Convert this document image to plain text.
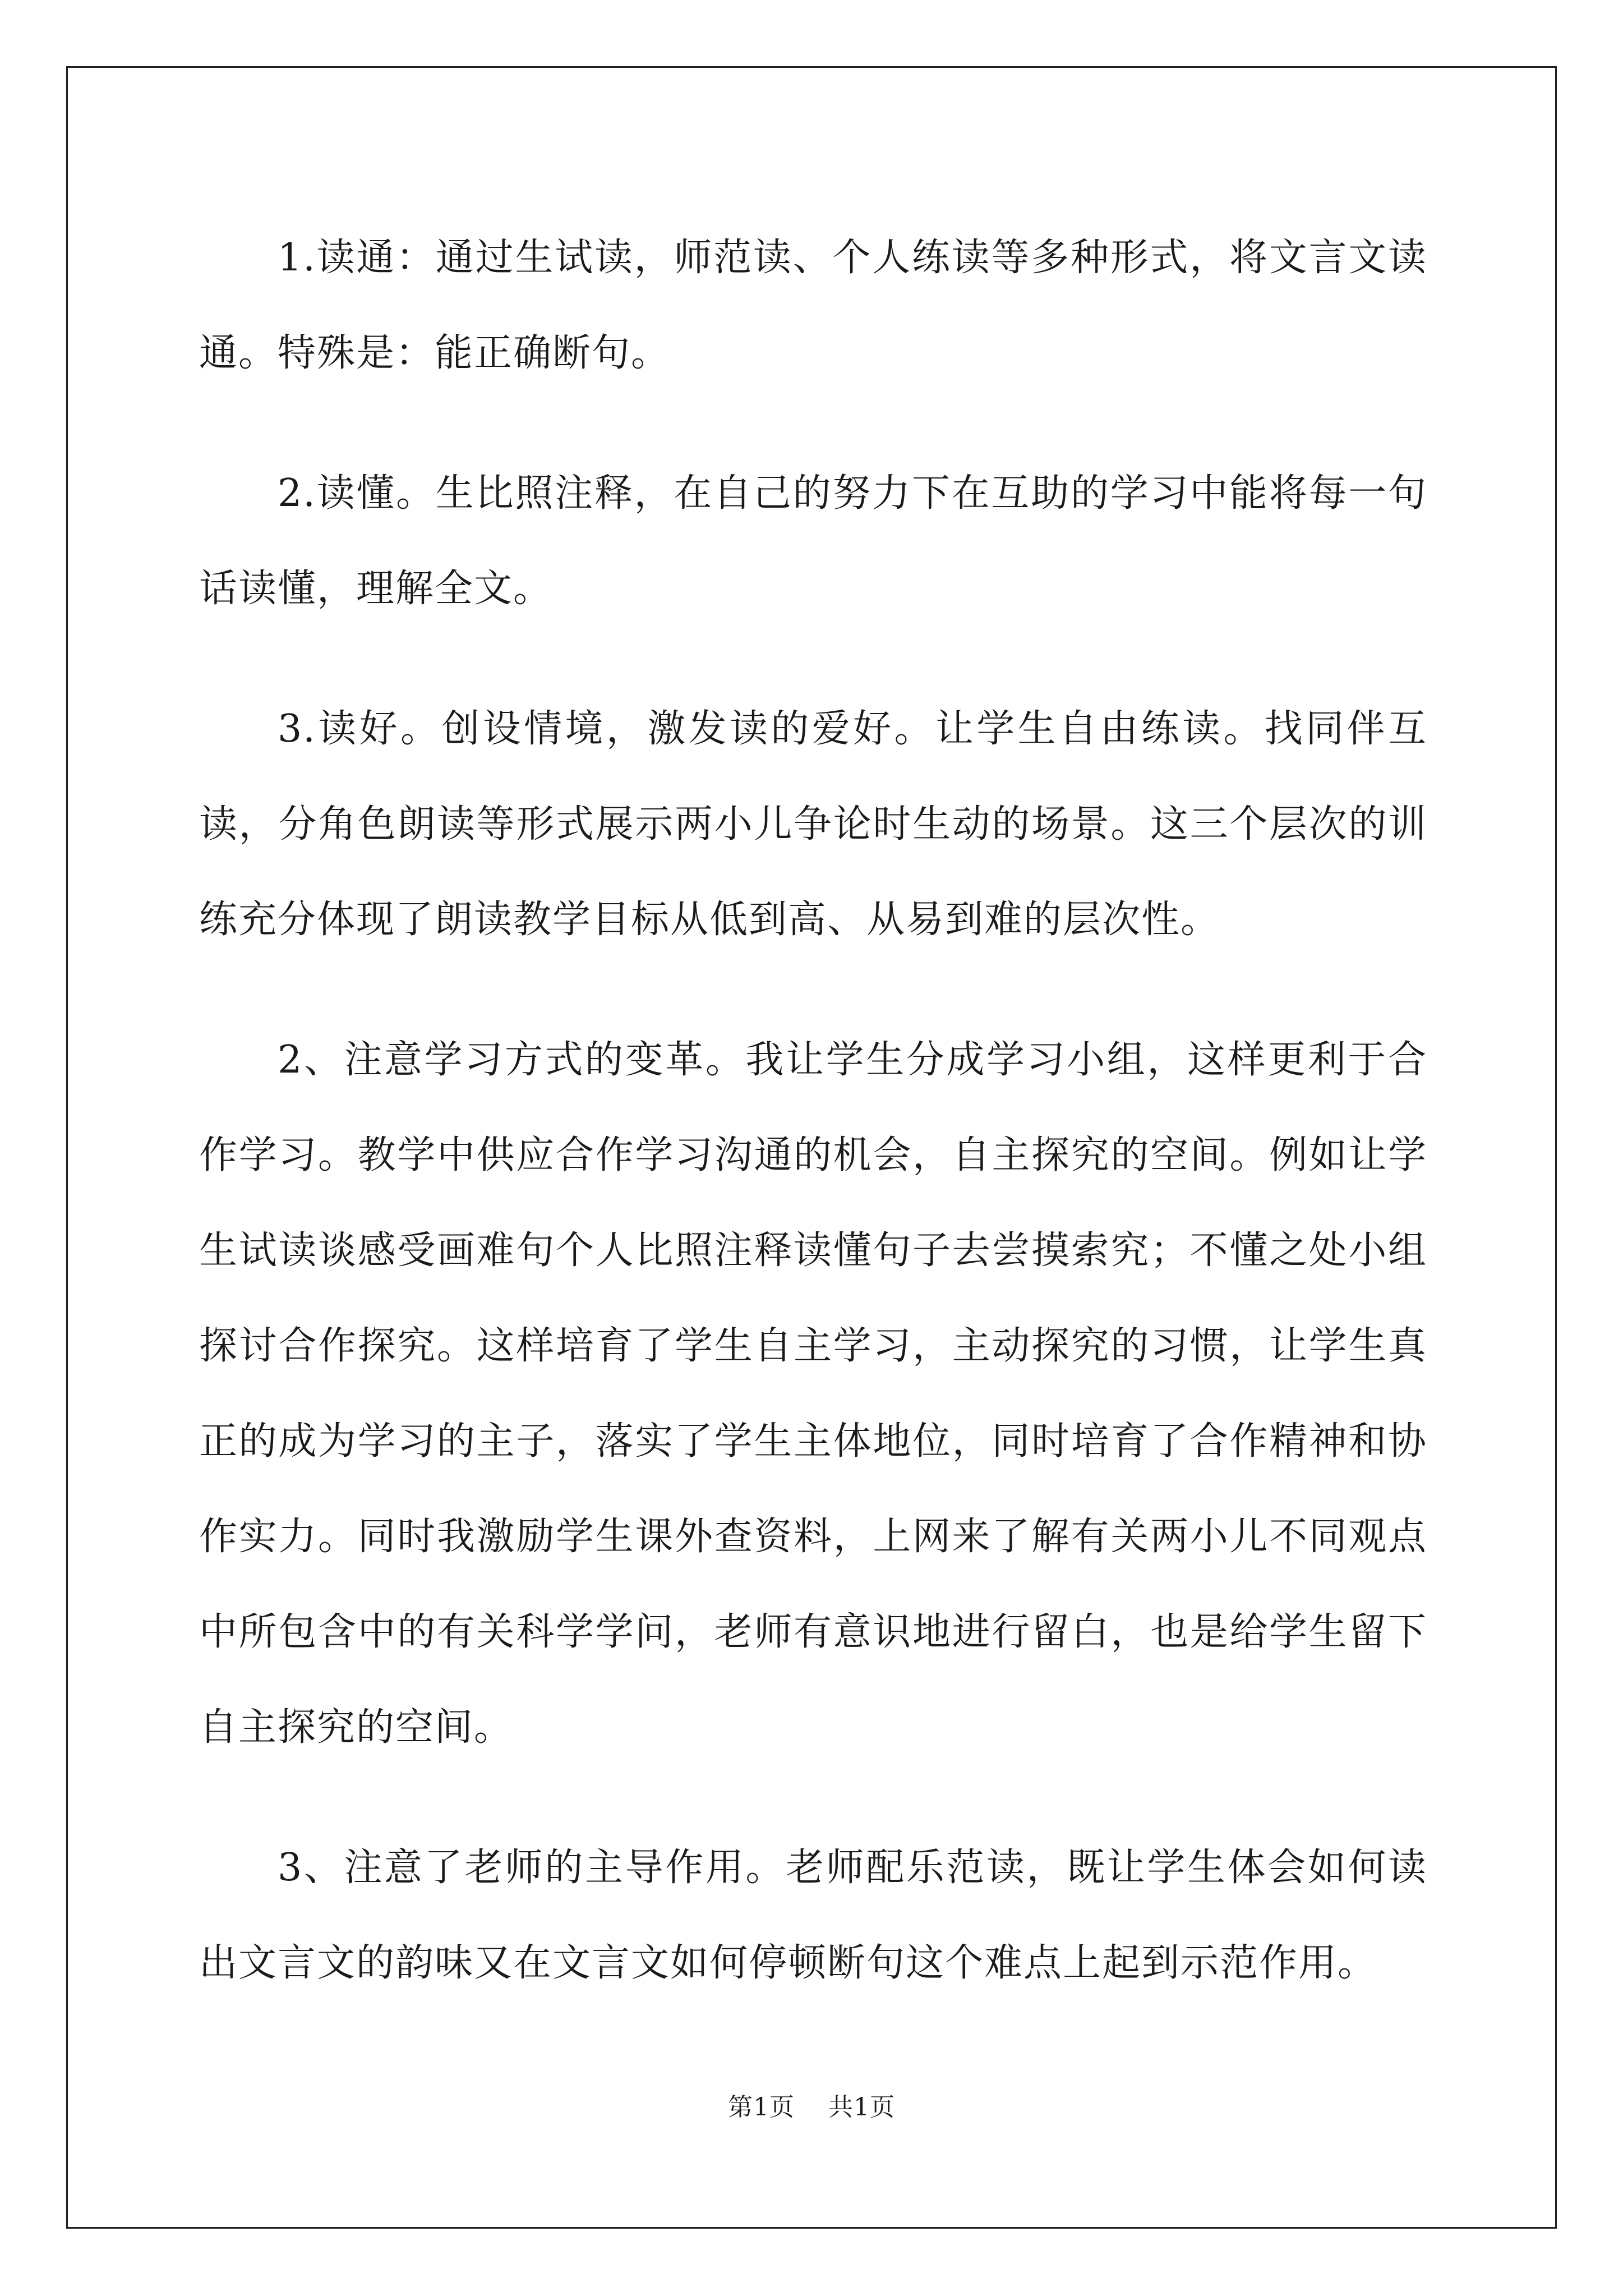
1.读通：通过生试读，师范读、个人练读等多种形式，将文言文读通。特殊是：能正确断句。

2.读懂。生比照注释，在自己的努力下在互助的学习中能将每一句话读懂，理解全文。

3.读好。创设情境，激发读的爱好。让学生自由练读。找同伴互读，分角色朗读等形式展示两小儿争论时生动的场景。这三个层次的训练充分体现了朗读教学目标从低到高、从易到难的层次性。

2、注意学习方式的变革。我让学生分成学习小组，这样更利于合作学习。教学中供应合作学习沟通的机会，自主探究的空间。例如让学生试读谈感受画难句个人比照注释读懂句子去尝摸索究；不懂之处小组探讨合作探究。这样培育了学生自主学习，主动探究的习惯，让学生真正的成为学习的主子，落实了学生主体地位，同时培育了合作精神和协作实力。同时我激励学生课外查资料，上网来了解有关两小儿不同观点中所包含中的有关科学学问，老师有意识地进行留白，也是给学生留下自主探究的空间。

3、注意了老师的主导作用。老师配乐范读，既让学生体会如何读出文言文的韵味又在文言文如何停顿断句这个难点上起到示范作用。

第1页 共1页
